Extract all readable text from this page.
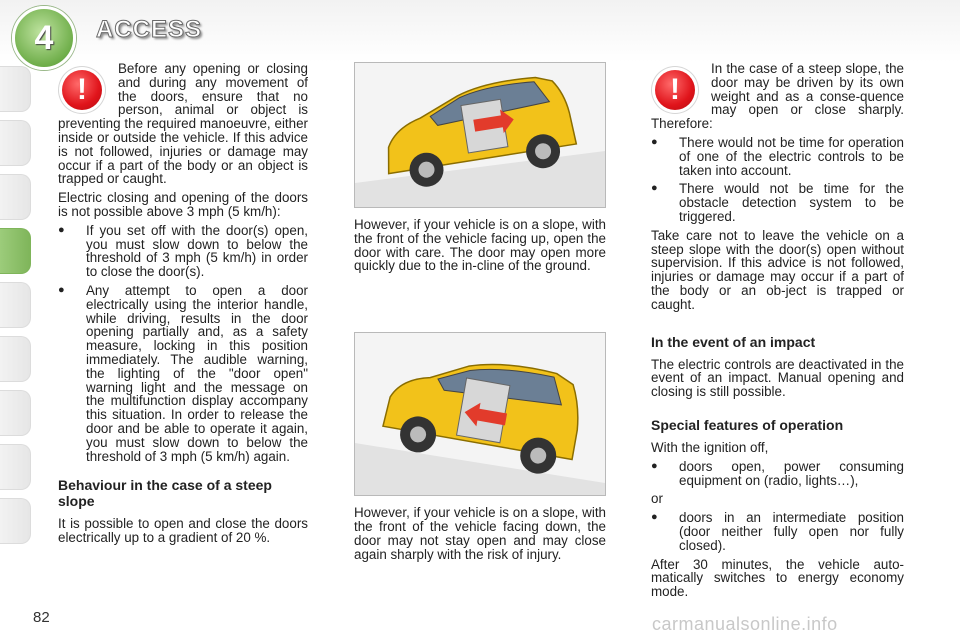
4	ACCESS
!

Before any opening or closing and during any movement of the doors, ensure that no person, animal or object is preventing the required manoeuvre, either inside or outside the vehicle. If this advice is not followed, injuries or damage may occur if a part of the body or an object is trapped or caught.

Electric closing and opening of the doors is not possible above 3 mph (5 km/h):

●	If you set off with the door(s) open, you must slow down to below the threshold of 3 mph (5 km/h) in order to close the door(s).
●	Any attempt to open a door electrically using the interior handle, while driving, results in the door opening partially and, as a safety measure, locking in this position immediately. The audible warning, the lighting of the "door open" warning light and the message on the multifunction display accompany this situation. In order to release the door and be able to operate it again, you must slow down to below the threshold of 3 mph (5 km/h) again.
Behaviour in the case of a steep slope

It is possible to open and close the doors electrically up to a gradient of 20 %.

However, if your vehicle is on a slope, with the front of the vehicle facing up, open the door with care. The door may open more quickly due to the in-cline of the ground.

However, if your vehicle is on a slope, with the front of the vehicle facing down, the door may not stay open and may close again sharply with the risk of injury.

!

In the case of a steep slope, the door may be driven by its own weight and as a conse-quence may open or close sharply. Therefore:

●	There would not be time for operation of one of the electric controls to be taken into account.
●	There would not be time for the obstacle detection system to be triggered.

Take care not to leave the vehicle on a steep slope with the door(s) open without supervision. If this advice is not followed, injuries or damage may occur if a part of the body or an ob-ject is trapped or caught.

In the event of an impact

The electric controls are deactivated in the event of an impact. Manual opening and closing is still possible.

Special features of operation

With the ignition off,

●	doors open, power consuming equipment on (radio, lights…),

or

●	doors in an intermediate position (door neither fully open nor fully closed).

After 30 minutes, the vehicle auto-matically switches to energy economy mode.

82	carmanualsonline.info
